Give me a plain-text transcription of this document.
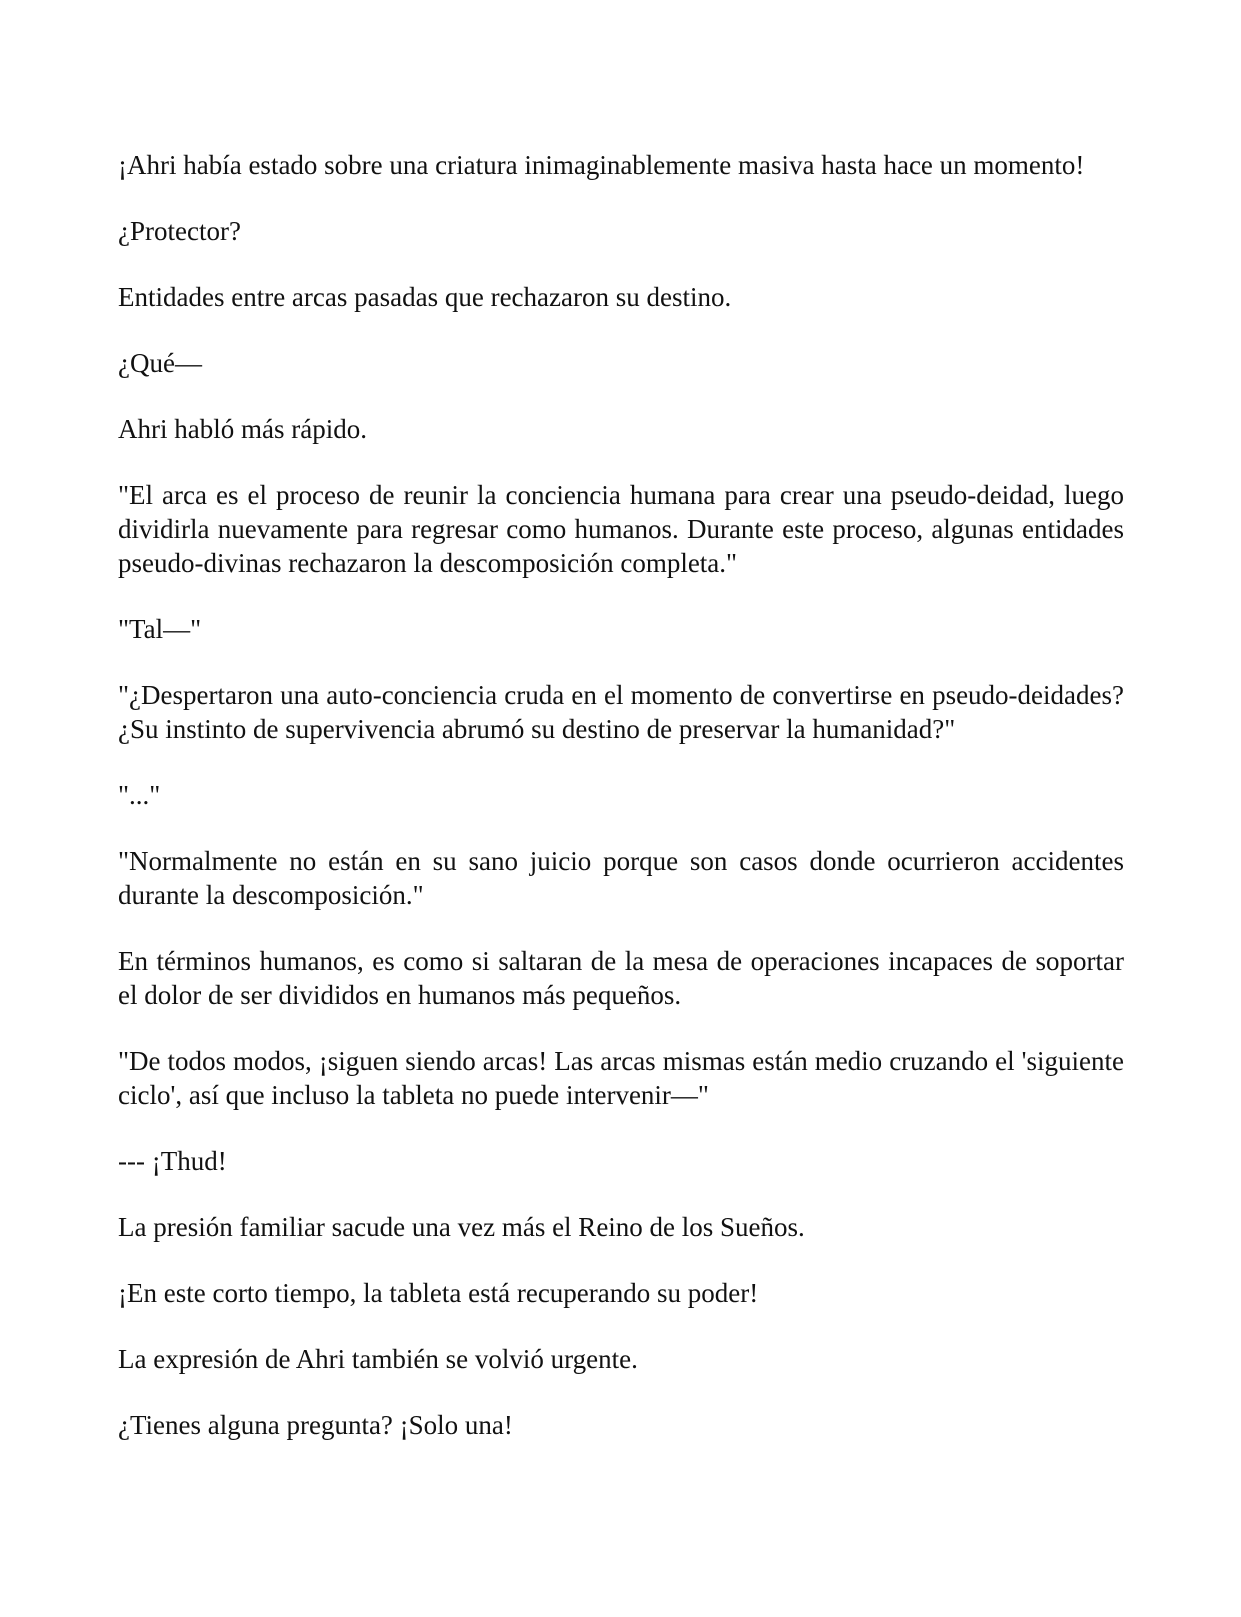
¡Ahri había estado sobre una criatura inimaginablemente masiva hasta hace un momento!

¿Protector?

Entidades entre arcas pasadas que rechazaron su destino.

¿Qué—

Ahri habló más rápido.

"El arca es el proceso de reunir la conciencia humana para crear una pseudo-deidad, luego dividirla nuevamente para regresar como humanos. Durante este proceso, algunas entidades pseudo-divinas rechazaron la descomposición completa."

"Tal—"

"¿Despertaron una auto-conciencia cruda en el momento de convertirse en pseudo-deidades? ¿Su instinto de supervivencia abrumó su destino de preservar la humanidad?"

"..."

"Normalmente no están en su sano juicio porque son casos donde ocurrieron accidentes durante la descomposición."

En términos humanos, es como si saltaran de la mesa de operaciones incapaces de soportar el dolor de ser divididos en humanos más pequeños.

"De todos modos, ¡siguen siendo arcas! Las arcas mismas están medio cruzando el 'siguiente ciclo', así que incluso la tableta no puede intervenir—"

--- ¡Thud!

La presión familiar sacude una vez más el Reino de los Sueños.

¡En este corto tiempo, la tableta está recuperando su poder!

La expresión de Ahri también se volvió urgente.

¿Tienes alguna pregunta? ¡Solo una!
